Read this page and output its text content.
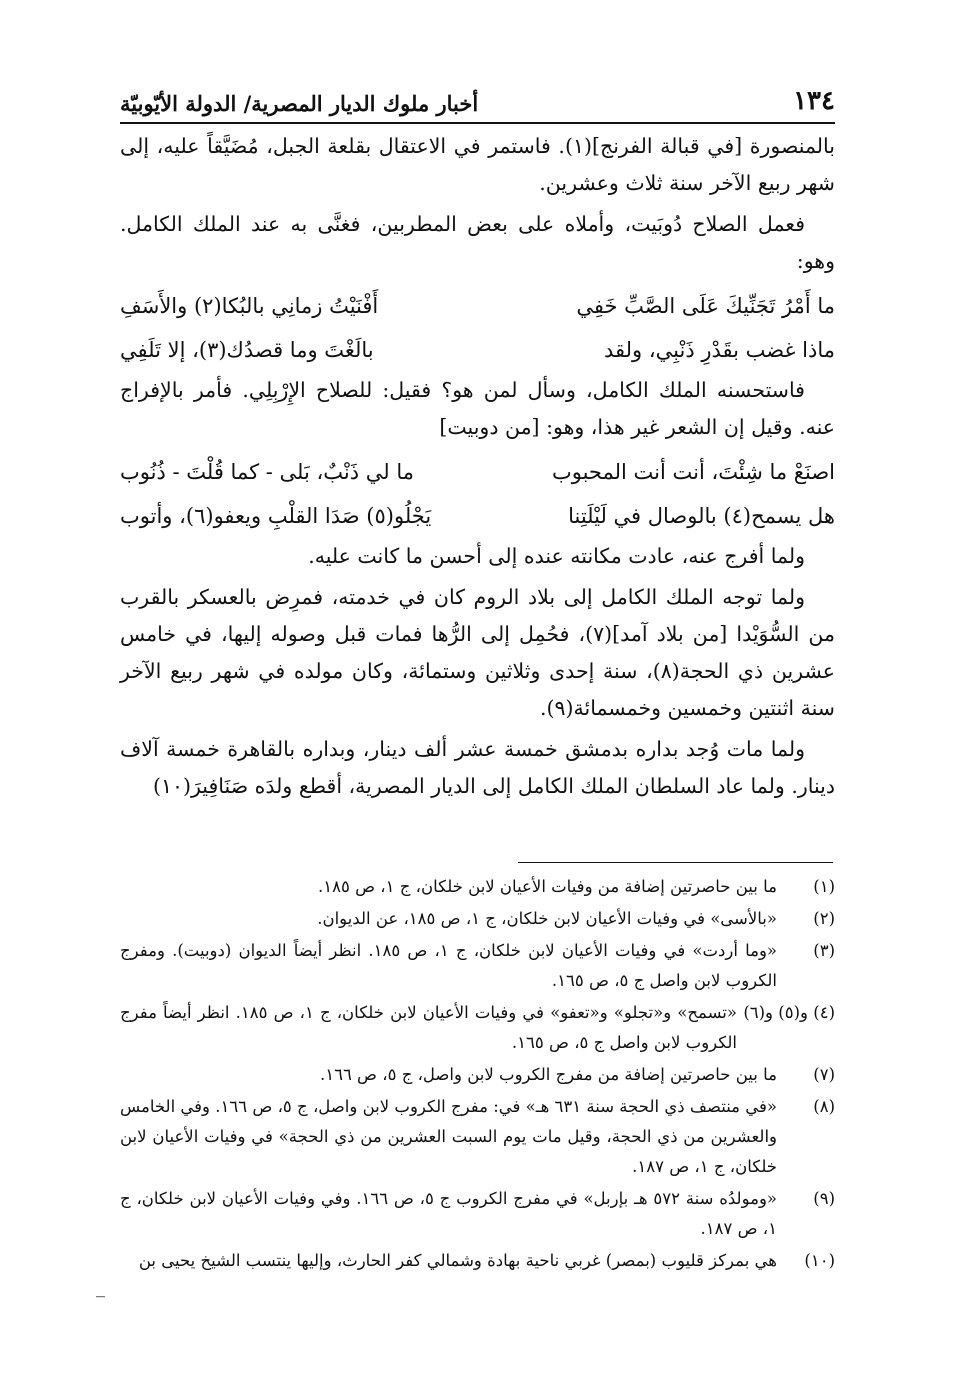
١٣٤
أخبار ملوك الديار المصرية/ الدولة الأيّوبيّة

بالمنصورة [في قبالة الفرنج](١). فاستمر في الاعتقال بقلعة الجبل، مُضَيَّقاً عليه، إلى شهر ربيع الآخر سنة ثلاث وعشرين.

فعمل الصلاح دُوبَيت، وأملاه على بعض المطربين، فغنَّى به عند الملك الكامل. وهو:

ما أَمْرُ تَجَنِّيكَ عَلَى الصَّبِّ خَفِي
أَفْنَيْتُ زمانِي بالبُكا(٢) والأَسَفِ
ماذا غضب بقَدْرِ ذَنْبِي، ولقد
بالَغْتَ وما قصدُك(٣)، إلا تَلَفِي

فاستحسنه الملك الكامل، وسأل لمن هو؟ فقيل: للصلاح الإِرْبِلِي. فأمر بالإفراج عنه. وقيل إن الشعر غير هذا، وهو: [من دوبيت]

اصنَعْ ما شِئْتَ، أنت أنت المحبوب
ما لي ذَنْبٌ، بَلى - كما قُلْتَ - ذُنُوب
هل يسمح(٤) بالوصال في لَيْلَتِنا
يَجْلُو(٥) صَدَا القلْبِ ويعفو(٦)، وأتوب

ولما أفرج عنه، عادت مكانته عنده إلى أحسن ما كانت عليه.

ولما توجه الملك الكامل إلى بلاد الروم كان في خدمته، فمرِض بالعسكر بالقرب من السُّوَيْدا [من بلاد آمد](٧)، فحُمِل إلى الرُّها فمات قبل وصوله إليها، في خامس عشرين ذي الحجة(٨)، سنة إحدى وثلاثين وستمائة، وكان مولده في شهر ربيع الآخر سنة اثنتين وخمسين وخمسمائة(٩).

ولما مات وُجد بداره بدمشق خمسة عشر ألف دينار، وبداره بالقاهرة خمسة آلاف دينار. ولما عاد السلطان الملك الكامل إلى الديار المصرية، أقطع ولدَه صَنَافِيرَ(١٠)

(١)
ما بين حاصرتين إضافة من وفيات الأعيان لابن خلكان، ج ١، ص ١٨٥.
(٢)
«بالأسى» في وفيات الأعيان لابن خلكان، ج ١، ص ١٨٥، عن الديوان.
(٣)
«وما أردت» في وفيات الأعيان لابن خلكان، ج ١، ص ١٨٥. انظر أيضاً الديوان (دوبيت). ومفرج الكروب لابن واصل ج ٥، ص ١٦٥.
(٤) و(٥) و(٦)
«تسمح» و«تجلو» و«تعفو» في وفيات الأعيان لابن خلكان، ج ١، ص ١٨٥. انظر أيضاً مفرج الكروب لابن واصل ج ٥، ص ١٦٥.
(٧)
ما بين حاصرتين إضافة من مفرج الكروب لابن واصل، ج ٥، ص ١٦٦.
(٨)
«في منتصف ذي الحجة سنة ٦٣١ هـ» في: مفرج الكروب لابن واصل، ج ٥، ص ١٦٦. وفي الخامس والعشرين من ذي الحجة، وقيل مات يوم السبت العشرين من ذي الحجة» في وفيات الأعيان لابن خلكان، ج ١، ص ١٨٧.
(٩)
«ومولدُه سنة ٥٧٢ هـ بإربل» في مفرج الكروب ج ٥، ص ١٦٦. وفي وفيات الأعيان لابن خلكان، ج ١، ص ١٨٧.
(١٠)
هي بمركز قليوب (بمصر) غربي ناحية بهادة وشمالي كفر الحارث، وإليها ينتسب الشيخ يحيى بن
_
